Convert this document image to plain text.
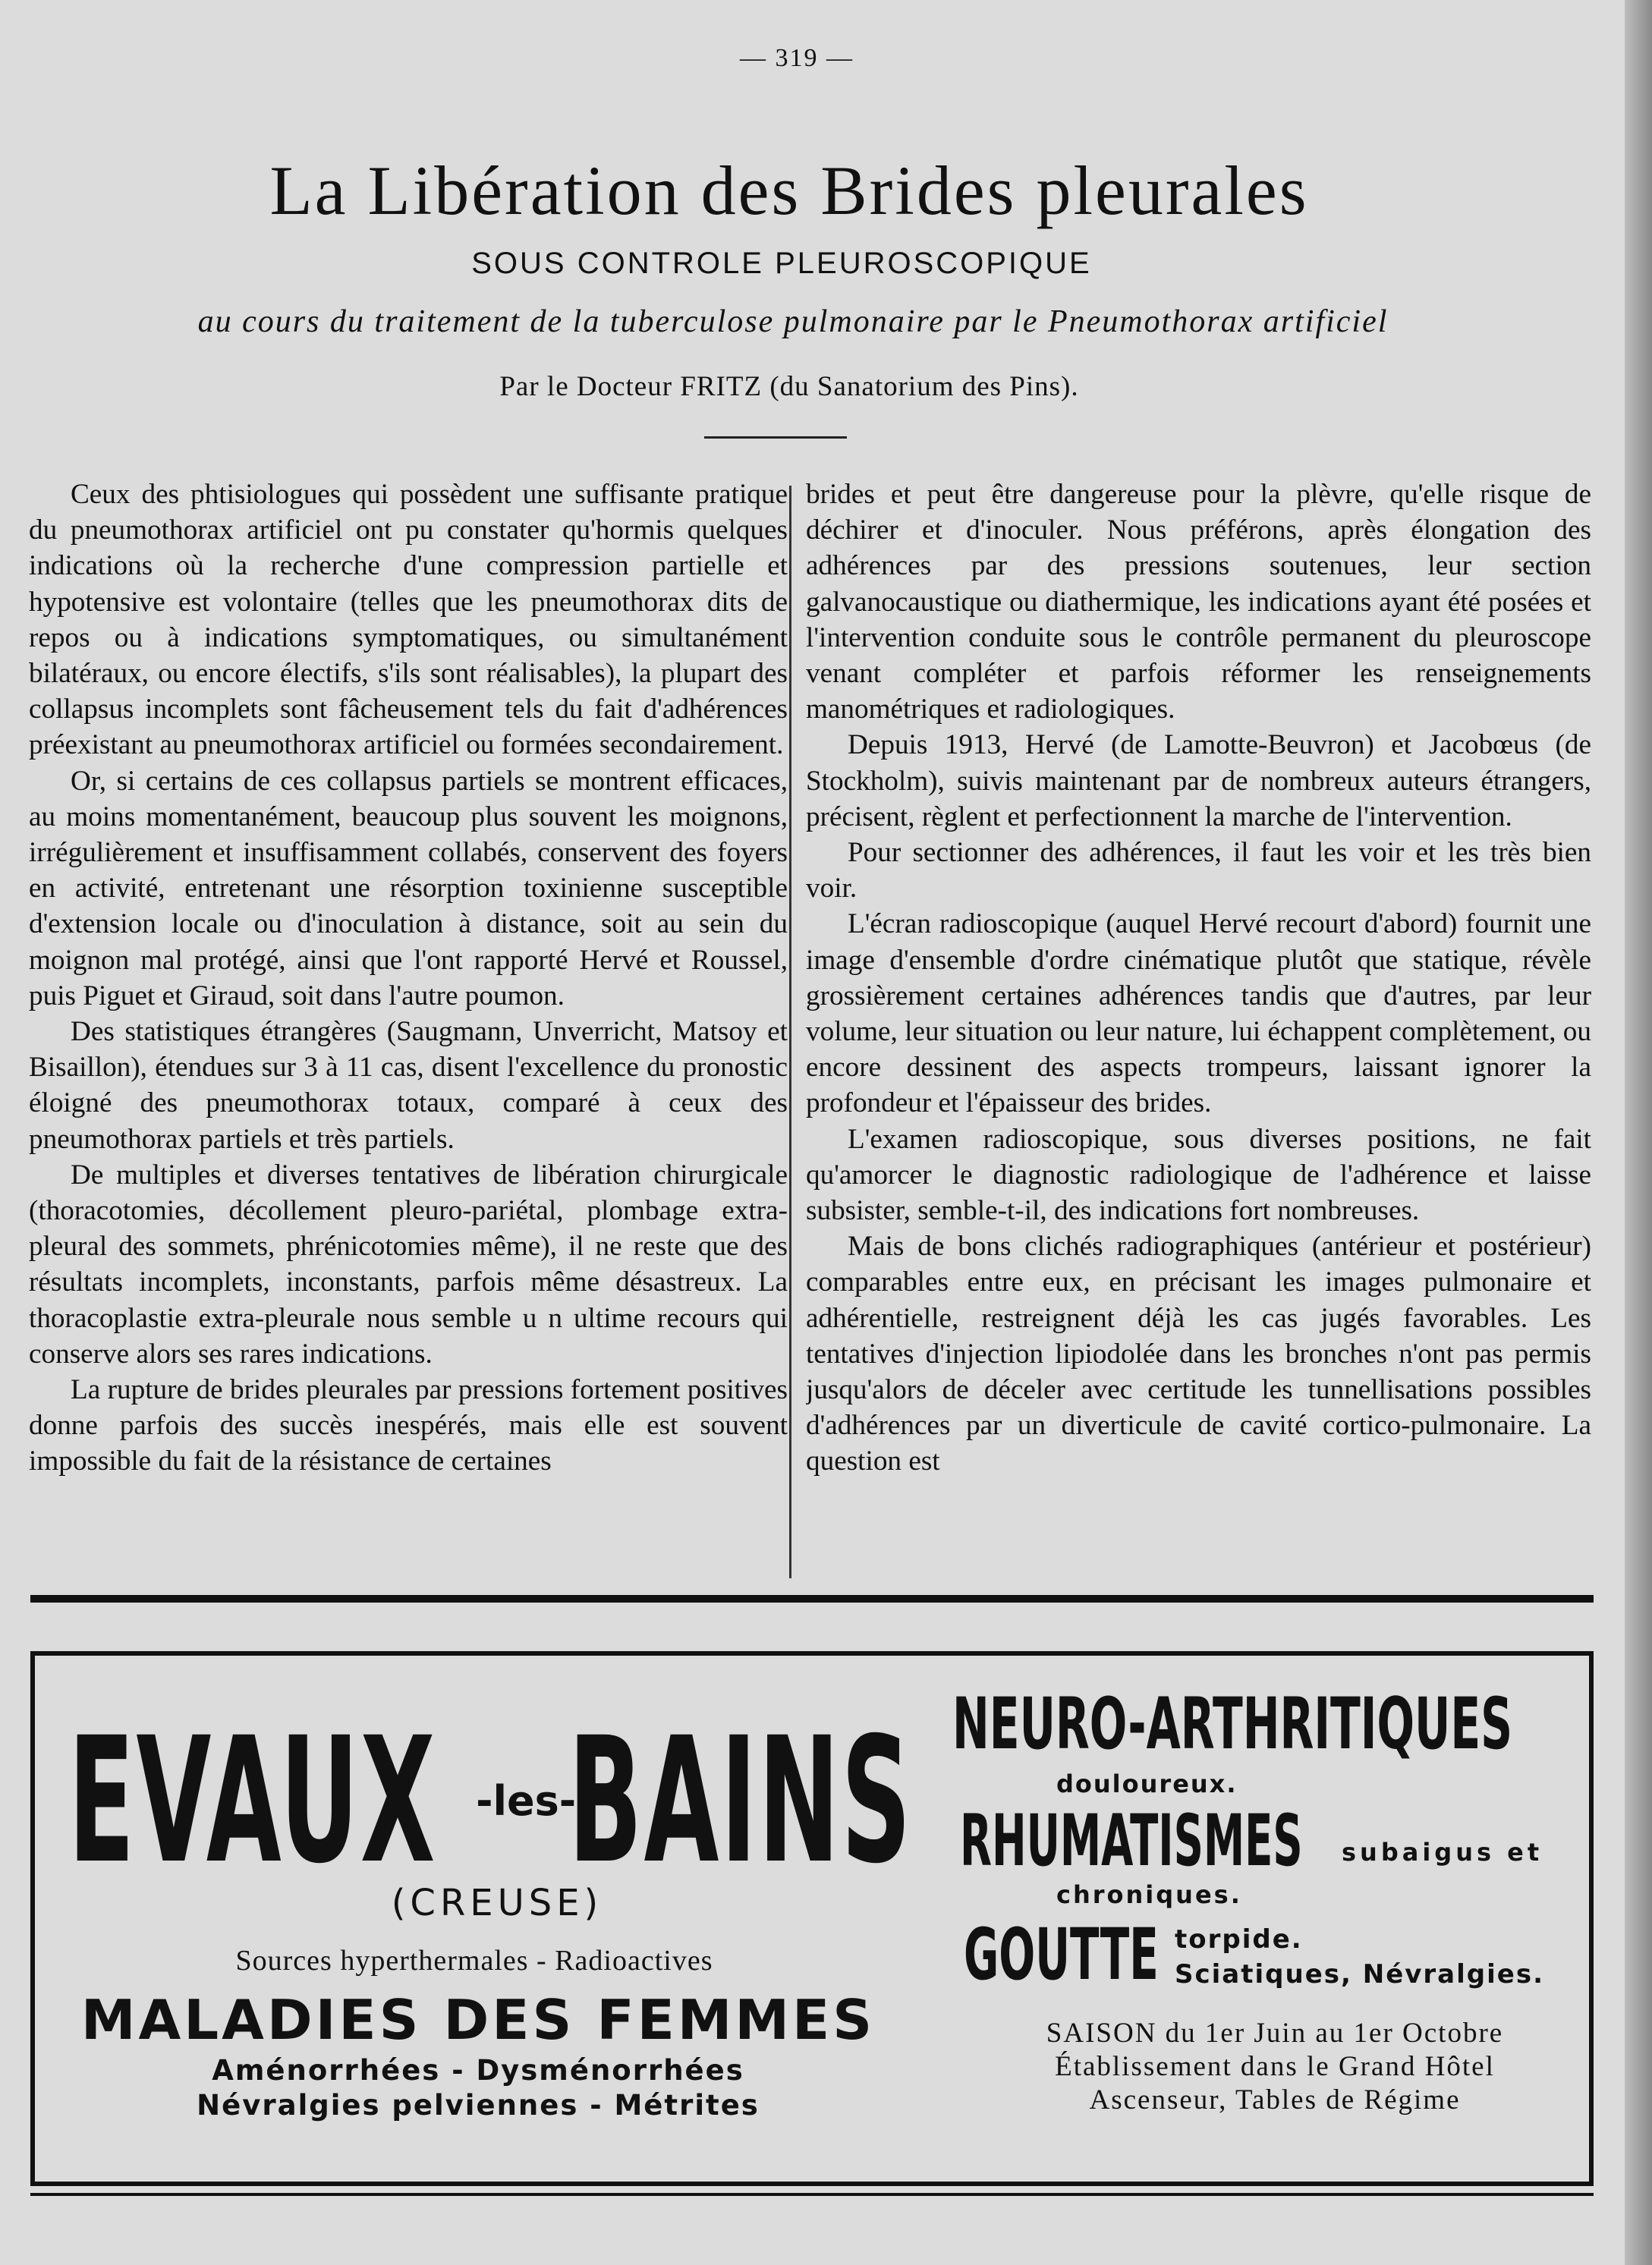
— 319 —
La Libération des Brides pleurales
SOUS CONTROLE PLEUROSCOPIQUE
au cours du traitement de la tuberculose pulmonaire par le Pneumothorax artificiel
Par le Docteur FRITZ (du Sanatorium des Pins).

Ceux des phtisiologues qui possèdent une suffisante pratique du pneumothorax artificiel ont pu constater qu'hormis quelques indications où la recherche d'une compression partielle et hypotensive est volontaire (telles que les pneumothorax dits de repos ou à indications symptomatiques, ou simultanément bilatéraux, ou encore électifs, s'ils sont réalisables), la plupart des collapsus incomplets sont fâcheusement tels du fait d'adhérences préexistant au pneumothorax artificiel ou formées secondairement.

Or, si certains de ces collapsus partiels se montrent efficaces, au moins momentanément, beaucoup plus souvent les moignons, irrégulièrement et insuffisamment collabés, conservent des foyers en activité, entretenant une résorption toxinienne susceptible d'extension locale ou d'inoculation à distance, soit au sein du moignon mal protégé, ainsi que l'ont rapporté Hervé et Roussel, puis Piguet et Giraud, soit dans l'autre poumon.

Des statistiques étrangères (Saugmann, Unverricht, Matsoy et Bisaillon), étendues sur 3 à 11 cas, disent l'excellence du pronostic éloigné des pneumothorax totaux, comparé à ceux des pneumothorax partiels et très partiels.

De multiples et diverses tentatives de libération chirurgicale (thoracotomies, décollement pleuro-pariétal, plombage extra-pleural des sommets, phrénicotomies même), il ne reste que des résultats incomplets, inconstants, parfois même désastreux. La thoracoplastie extra-pleurale nous semble u n ultime recours qui conserve alors ses rares indications.

La rupture de brides pleurales par pressions fortement positives donne parfois des succès inespérés, mais elle est souvent impossible du fait de la résistance de certaines

brides et peut être dangereuse pour la plèvre, qu'elle risque de déchirer et d'inoculer. Nous préférons, après élongation des adhérences par des pressions soutenues, leur section galvanocaustique ou diathermique, les indications ayant été posées et l'intervention conduite sous le contrôle permanent du pleuroscope venant compléter et parfois réformer les renseignements manométriques et radiologiques.

Depuis 1913, Hervé (de Lamotte-Beuvron) et Jacobœus (de Stockholm), suivis maintenant par de nombreux auteurs étrangers, précisent, règlent et perfectionnent la marche de l'intervention.

Pour sectionner des adhérences, il faut les voir et les très bien voir.

L'écran radioscopique (auquel Hervé recourt d'abord) fournit une image d'ensemble d'ordre cinématique plutôt que statique, révèle grossièrement certaines adhérences tandis que d'autres, par leur volume, leur situation ou leur nature, lui échappent complètement, ou encore dessinent des aspects trompeurs, laissant ignorer la profondeur et l'épaisseur des brides.

L'examen radioscopique, sous diverses positions, ne fait qu'amorcer le diagnostic radiologique de l'adhérence et laisse subsister, semble-t-il, des indications fort nombreuses.

Mais de bons clichés radiographiques (antérieur et postérieur) comparables entre eux, en précisant les images pulmonaire et adhérentielle, restreignent déjà les cas jugés favorables. Les tentatives d'injection lipiodolée dans les bronches n'ont pas permis jusqu'alors de déceler avec certitude les tunnellisations possibles d'adhérences par un diverticule de cavité cortico-pulmonaire. La question est

EVAUX -les-BAINS
(CREUSE)
Sources hyperthermales - Radioactives
MALADIES DES FEMMES
Aménorrhées - Dysménorrhées
Névralgies pelviennes - Métrites
NEURO-ARTHRITIQUES
douloureux.
RHUMATISMES	subaigus et
chroniques.
GOUTTE torpide.
Sciatiques, Névralgies.
SAISON du 1er Juin au 1er Octobre
Établissement dans le Grand Hôtel
Ascenseur, Tables de Régime
